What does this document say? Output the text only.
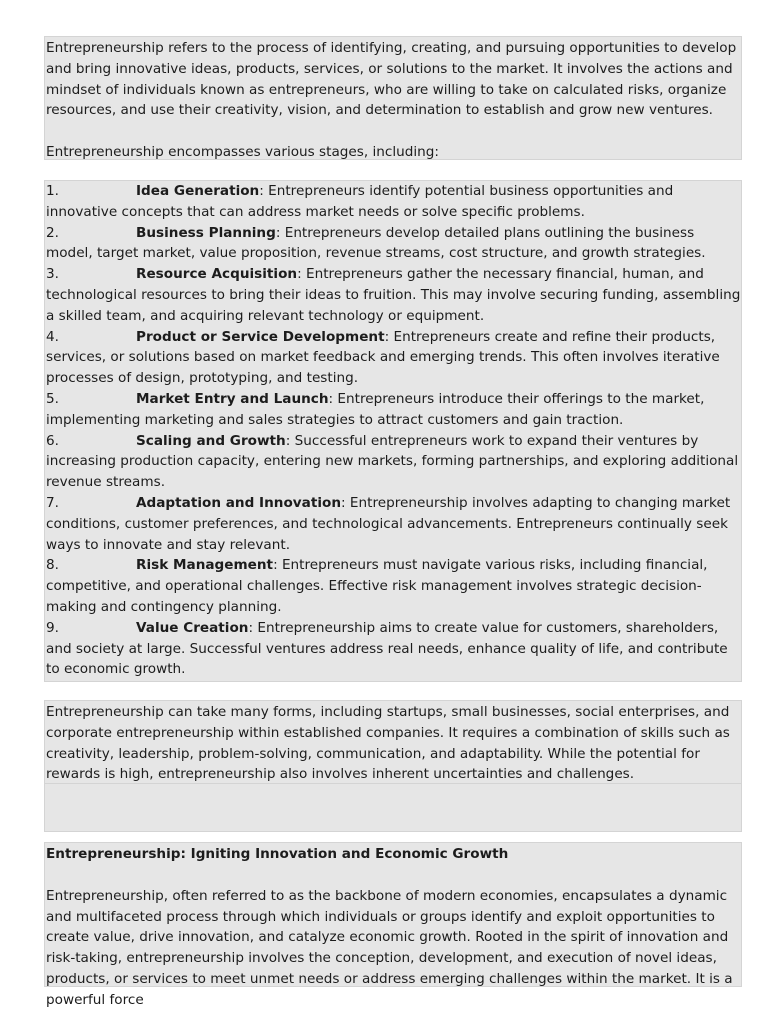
Entrepreneurship refers to the process of identifying, creating, and pursuing opportunities to develop and bring innovative ideas, products, services, or solutions to the market. It involves the actions and mindset of individuals known as entrepreneurs, who are willing to take on calculated risks, organize resources, and use their creativity, vision, and determination to establish and grow new ventures.

Entrepreneurship encompasses various stages, including:

1.	Idea Generation: Entrepreneurs identify potential business opportunities and innovative concepts that can address market needs or solve specific problems.

2.	Business Planning: Entrepreneurs develop detailed plans outlining the business model, target market, value proposition, revenue streams, cost structure, and growth strategies.

3.	Resource Acquisition: Entrepreneurs gather the necessary financial, human, and technological resources to bring their ideas to fruition. This may involve securing funding, assembling a skilled team, and acquiring relevant technology or equipment.

4.	Product or Service Development: Entrepreneurs create and refine their products, services, or solutions based on market feedback and emerging trends. This often involves iterative processes of design, prototyping, and testing.

5.	Market Entry and Launch: Entrepreneurs introduce their offerings to the market, implementing marketing and sales strategies to attract customers and gain traction.

6.	Scaling and Growth: Successful entrepreneurs work to expand their ventures by increasing production capacity, entering new markets, forming partnerships, and exploring additional revenue streams.

7.	Adaptation and Innovation: Entrepreneurship involves adapting to changing market conditions, customer preferences, and technological advancements. Entrepreneurs continually seek ways to innovate and stay relevant.

8.	Risk Management: Entrepreneurs must navigate various risks, including financial, competitive, and operational challenges. Effective risk management involves strategic decision-making and contingency planning.

9.	Value Creation: Entrepreneurship aims to create value for customers, shareholders, and society at large. Successful ventures address real needs, enhance quality of life, and contribute to economic growth.

Entrepreneurship can take many forms, including startups, small businesses, social enterprises, and corporate entrepreneurship within established companies. It requires a combination of skills such as creativity, leadership, problem-solving, communication, and adaptability. While the potential for rewards is high, entrepreneurship also involves inherent uncertainties and challenges.

Entrepreneurship: Igniting Innovation and Economic Growth

Entrepreneurship, often referred to as the backbone of modern economies, encapsulates a dynamic and multifaceted process through which individuals or groups identify and exploit opportunities to create value, drive innovation, and catalyze economic growth. Rooted in the spirit of innovation and risk-taking, entrepreneurship involves the conception, development, and execution of novel ideas, products, or services to meet unmet needs or address emerging challenges within the market. It is a powerful force
